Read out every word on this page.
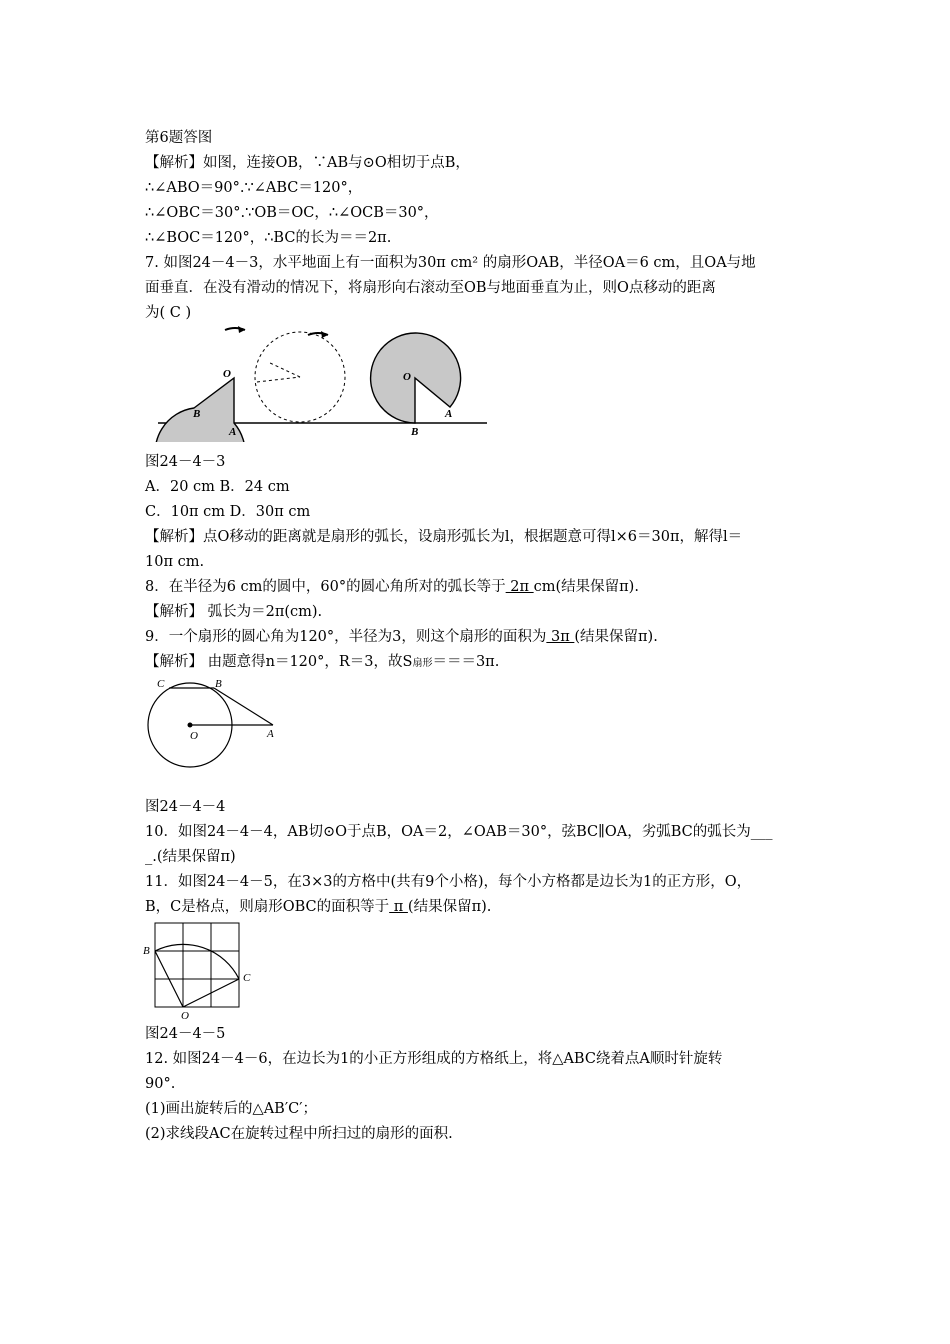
第6题答图
【解析】如图，连接OB，∵AB与⊙O相切于点B，
∴∠ABO＝90°.∵∠ABC＝120°，
∴∠OBC＝30°.∵OB＝OC，∴∠OCB＝30°，
∴∠BOC＝120°，∴BC的长为＝＝2π.
7. 如图24－4－3，水平地面上有一面积为30π cm² 的扇形OAB，半径OA＝6 cm，且OA与地
面垂直．在没有滑动的情况下，将扇形向右滚动至OB与地面垂直为止，则O点移动的距离
为( C )
O
B
A
O
A
B
图24－4－3
A．20 cm B．24 cm
C．10π cm D．30π cm
【解析】点O移动的距离就是扇形的弧长，设扇形弧长为l，根据题意可得l×6＝30π，解得l＝
10π cm.
8．在半径为6 cm的圆中，60°的圆心角所对的弧长等于 2π cm(结果保留π).
【解析】 弧长为＝2π(cm).
9．一个扇形的圆心角为120°，半径为3，则这个扇形的面积为 3π (结果保留π).
【解析】 由题意得n＝120°，R＝3，故S扇形＝＝＝3π.
C	B
O	A
图24－4－4
10．如图24－4－4，AB切⊙O于点B，OA＝2，∠OAB＝30°，弦BC∥OA，劣弧BC的弧长为___
_.(结果保留π)
11．如图24－4－5，在3×3的方格中(共有9个小格)，每个小方格都是边长为1的正方形，O，
B，C是格点，则扇形OBC的面积等于 π (结果保留π).
B
C
O
图24－4－5
12. 如图24－4－6，在边长为1的小正方形组成的方格纸上，将△ABC绕着点A顺时针旋转
90°.
(1)画出旋转后的△AB′C′；
(2)求线段AC在旋转过程中所扫过的扇形的面积.
